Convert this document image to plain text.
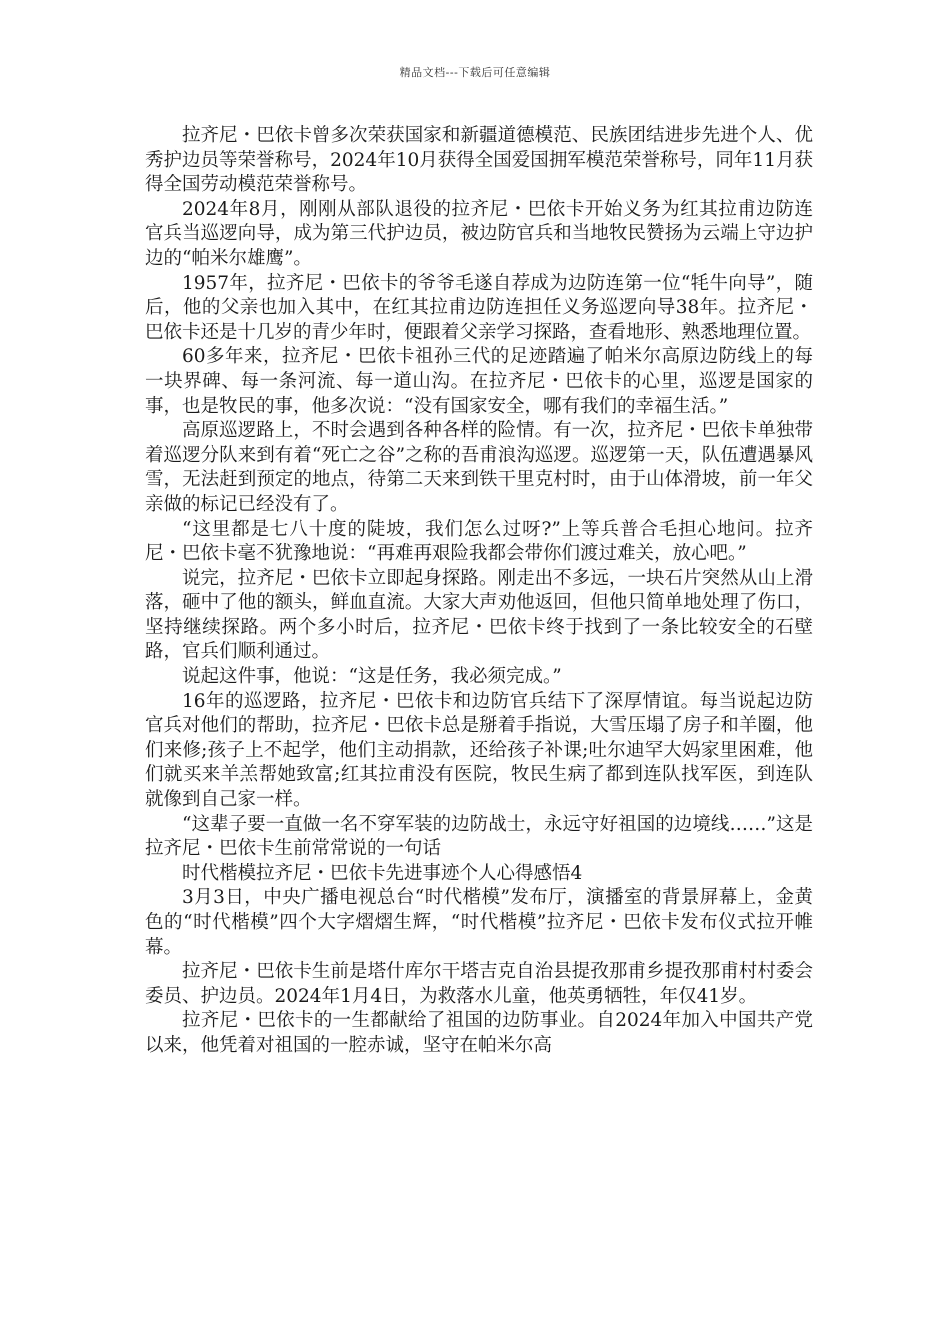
精品文档---下载后可任意编辑

拉齐尼・巴依卡曾多次荣获国家和新疆道德模范、民族团结进步先进个人、优秀护边员等荣誉称号，2024年10月获得全国爱国拥军模范荣誉称号，同年11月获得全国劳动模范荣誉称号。

2024年8月，刚刚从部队退役的拉齐尼・巴依卡开始义务为红其拉甫边防连官兵当巡逻向导，成为第三代护边员，被边防官兵和当地牧民赞扬为云端上守边护边的“帕米尔雄鹰”。

1957年，拉齐尼・巴依卡的爷爷毛遂自荐成为边防连第一位“牦牛向导”，随后，他的父亲也加入其中，在红其拉甫边防连担任义务巡逻向导38年。拉齐尼・巴依卡还是十几岁的青少年时，便跟着父亲学习探路，查看地形、熟悉地理位置。

60多年来，拉齐尼・巴依卡祖孙三代的足迹踏遍了帕米尔高原边防线上的每一块界碑、每一条河流、每一道山沟。在拉齐尼・巴依卡的心里，巡逻是国家的事，也是牧民的事，他多次说：“没有国家安全，哪有我们的幸福生活。”

高原巡逻路上，不时会遇到各种各样的险情。有一次，拉齐尼・巴依卡单独带着巡逻分队来到有着“死亡之谷”之称的吾甫浪沟巡逻。巡逻第一天，队伍遭遇暴风雪，无法赶到预定的地点，待第二天来到铁干里克村时，由于山体滑坡，前一年父亲做的标记已经没有了。

“这里都是七八十度的陡坡，我们怎么过呀?”上等兵普合毛担心地问。拉齐尼・巴依卡毫不犹豫地说：“再难再艰险我都会带你们渡过难关，放心吧。”

说完，拉齐尼・巴依卡立即起身探路。刚走出不多远，一块石片突然从山上滑落，砸中了他的额头，鲜血直流。大家大声劝他返回，但他只简单地处理了伤口，坚持继续探路。两个多小时后，拉齐尼・巴依卡终于找到了一条比较安全的石壁路，官兵们顺利通过。

说起这件事，他说：“这是任务，我必须完成。”

16年的巡逻路，拉齐尼・巴依卡和边防官兵结下了深厚情谊。每当说起边防官兵对他们的帮助，拉齐尼・巴依卡总是掰着手指说，大雪压塌了房子和羊圈，他们来修;孩子上不起学，他们主动捐款，还给孩子补课;吐尔迪罕大妈家里困难，他们就买来羊羔帮她致富;红其拉甫没有医院，牧民生病了都到连队找军医，到连队就像到自己家一样。

“这辈子要一直做一名不穿军装的边防战士，永远守好祖国的边境线……”这是拉齐尼・巴依卡生前常常说的一句话

时代楷模拉齐尼・巴依卡先进事迹个人心得感悟4

3月3日，中央广播电视总台“时代楷模”发布厅，演播室的背景屏幕上，金黄色的“时代楷模”四个大字熠熠生辉，“时代楷模”拉齐尼・巴依卡发布仪式拉开帷幕。

拉齐尼・巴依卡生前是塔什库尔干塔吉克自治县提孜那甫乡提孜那甫村村委会委员、护边员。2024年1月4日，为救落水儿童，他英勇牺牲，年仅41岁。

拉齐尼・巴依卡的一生都献给了祖国的边防事业。自2024年加入中国共产党以来，他凭着对祖国的一腔赤诚，坚守在帕米尔高
